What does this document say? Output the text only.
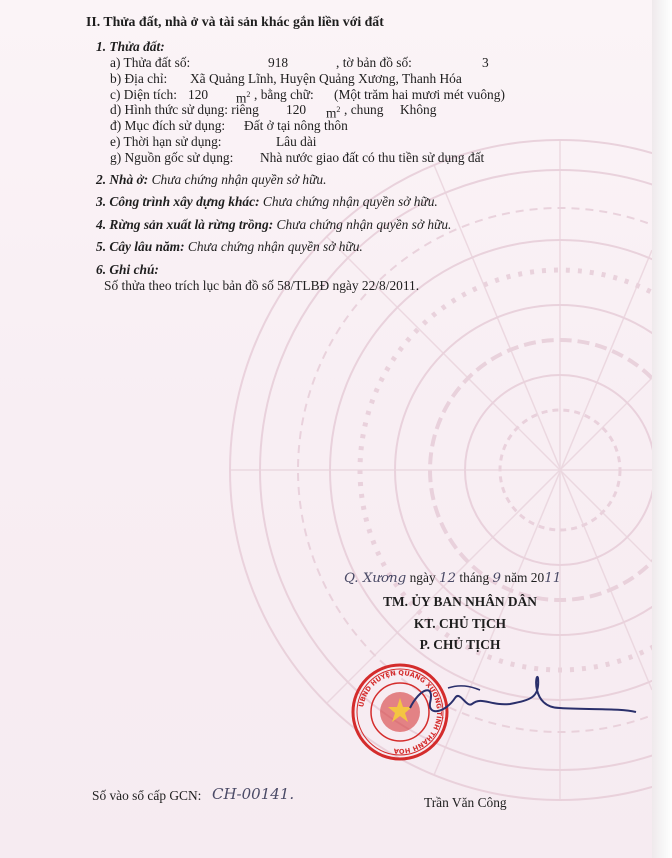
II. Thửa đất, nhà ở và tài sản khác gắn liền với đất
1. Thửa đất:
a) Thửa đất số:	918	, tờ bản đồ số:	3
b) Địa chỉ: Xã Quảng Lĩnh, Huyện Quảng Xương, Thanh Hóa
c) Diện tích: 120 $m^2$ , bằng chữ: (Một trăm hai mươi mét vuông)
d) Hình thức sử dụng: riêng 120 $m^2$ , chung Không
đ) Mục đích sử dụng: Đất ở tại nông thôn
e) Thời hạn sử dụng:	Lâu dài
g) Nguồn gốc sử dụng: Nhà nước giao đất có thu tiền sử dụng đất
2. Nhà ở: Chưa chứng nhận quyền sở hữu.
3. Công trình xây dựng khác: Chưa chứng nhận quyền sở hữu.
4. Rừng sản xuất là rừng trồng: Chưa chứng nhận quyền sở hữu.
5. Cây lâu năm: Chưa chứng nhận quyền sở hữu.
6. Ghi chú:
Số thửa theo trích lục bản đồ số 58/TLBĐ ngày 22/8/2011.
Q. Xương ngày 12 tháng 9 năm 2011
TM. ỦY BAN NHÂN DÂN
KT. CHỦ TỊCH
P. CHỦ TỊCH
UBND HUYỆN QUẢNG XƯƠNG TỈNH THANH HÓA
Trần Văn Công
Số vào sổ cấp GCN: CH-00141.
